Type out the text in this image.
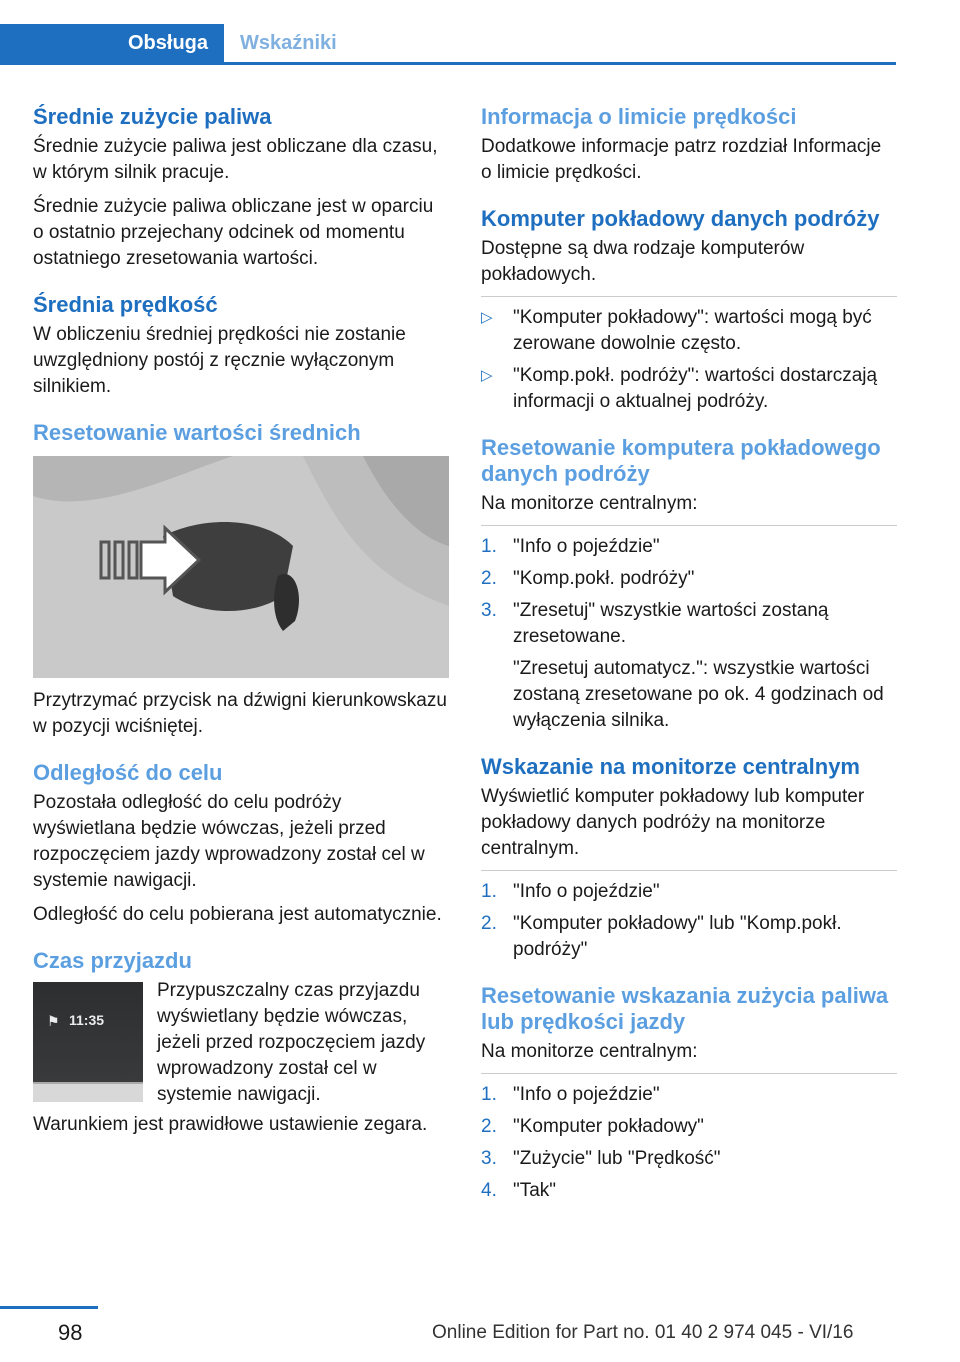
Obsługa	Wskaźniki
Średnie zużycie paliwa

Średnie zużycie paliwa jest obliczane dla czasu, w którym silnik pracuje.

Średnie zużycie paliwa obliczane jest w oparciu o ostatnio przejechany odcinek od momentu ostatniego zresetowania wartości.

Średnia prędkość

W obliczeniu średniej prędkości nie zostanie uwzględniony postój z ręcznie wyłączonym silnikiem.

Resetowanie wartości średnich

Przytrzymać przycisk na dźwigni kierunkowskazu w pozycji wciśniętej.

Odległość do celu

Pozostała odległość do celu podróży wyświetlana będzie wówczas, jeżeli przed rozpoczęciem jazdy wprowadzony został cel w systemie nawigacji.

Odległość do celu pobierana jest automatycznie.

Czas przyjazdu
⚑ 11:35

Przypuszczalny czas przyjazdu wyświetlany będzie wówczas, jeżeli przed rozpoczęciem jazdy wprowadzony został cel w systemie nawigacji.

Warunkiem jest prawidłowe ustawienie zegara.

Informacja o limicie prędkości

Dodatkowe informacje patrz rozdział Informacje o limicie prędkości.

Komputer pokładowy danych podróży

Dostępne są dwa rodzaje komputerów pokładowych.

▷ "Komputer pokładowy": wartości mogą być zerowane dowolnie często.
▷ "Komp.pokł. podróży": wartości dostarczają informacji o aktualnej podróży.
Resetowanie komputera pokładowego danych podróży

Na monitorze centralnym:

1. "Info o pojeździe"
2. "Komp.pokł. podróży"
3. "Zresetuj" wszystkie wartości zostaną zresetowane.
"Zresetuj automatycz.": wszystkie wartości zostaną zresetowane po ok. 4 godzinach od wyłączenia silnika.
Wskazanie na monitorze centralnym

Wyświetlić komputer pokładowy lub komputer pokładowy danych podróży na monitorze centralnym.

1. "Info o pojeździe"
2. "Komputer pokładowy" lub "Komp.pokł. podróży"
Resetowanie wskazania zużycia paliwa lub prędkości jazdy

Na monitorze centralnym:

1. "Info o pojeździe"
2. "Komputer pokładowy"
3. "Zużycie" lub "Prędkość"
4. "Tak"
98	Online Edition for Part no. 01 40 2 974 045 - VI/16
